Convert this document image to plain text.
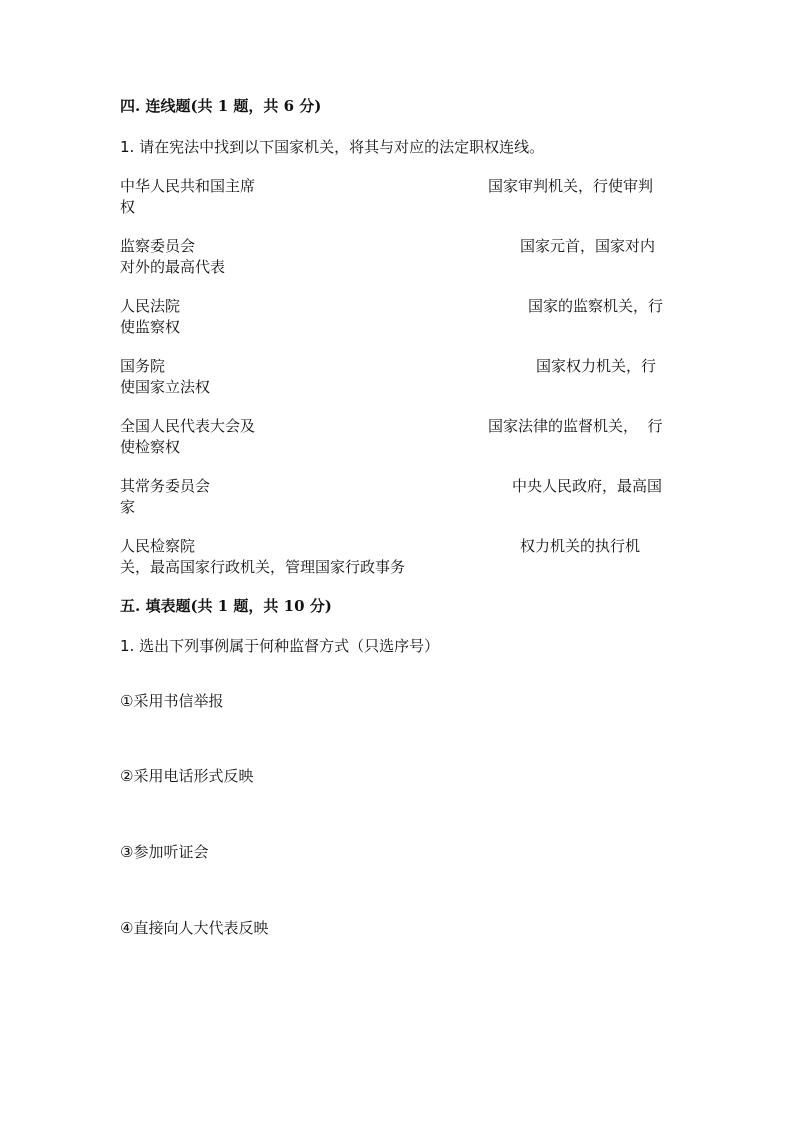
四. 连线题(共 1 题，共 6 分)
1. 请在宪法中找到以下国家机关，将其与对应的法定职权连线。
中华人民共和国主席	国家审判机关，行使审判
权
监察委员会	国家元首，国家对内
对外的最高代表
人民法院	国家的监察机关，行
使监察权
国务院	国家权力机关，行
使国家立法权
全国人民代表大会及	国家法律的监督机关，  行
使检察权
其常务委员会	中央人民政府，最高国
家
人民检察院	权力机关的执行机
关，最高国家行政机关，管理国家行政事务
五. 填表题(共 1 题，共 10 分)
1. 选出下列事例属于何种监督方式（只选序号）
①采用书信举报
②采用电话形式反映
③参加听证会
④直接向人大代表反映
